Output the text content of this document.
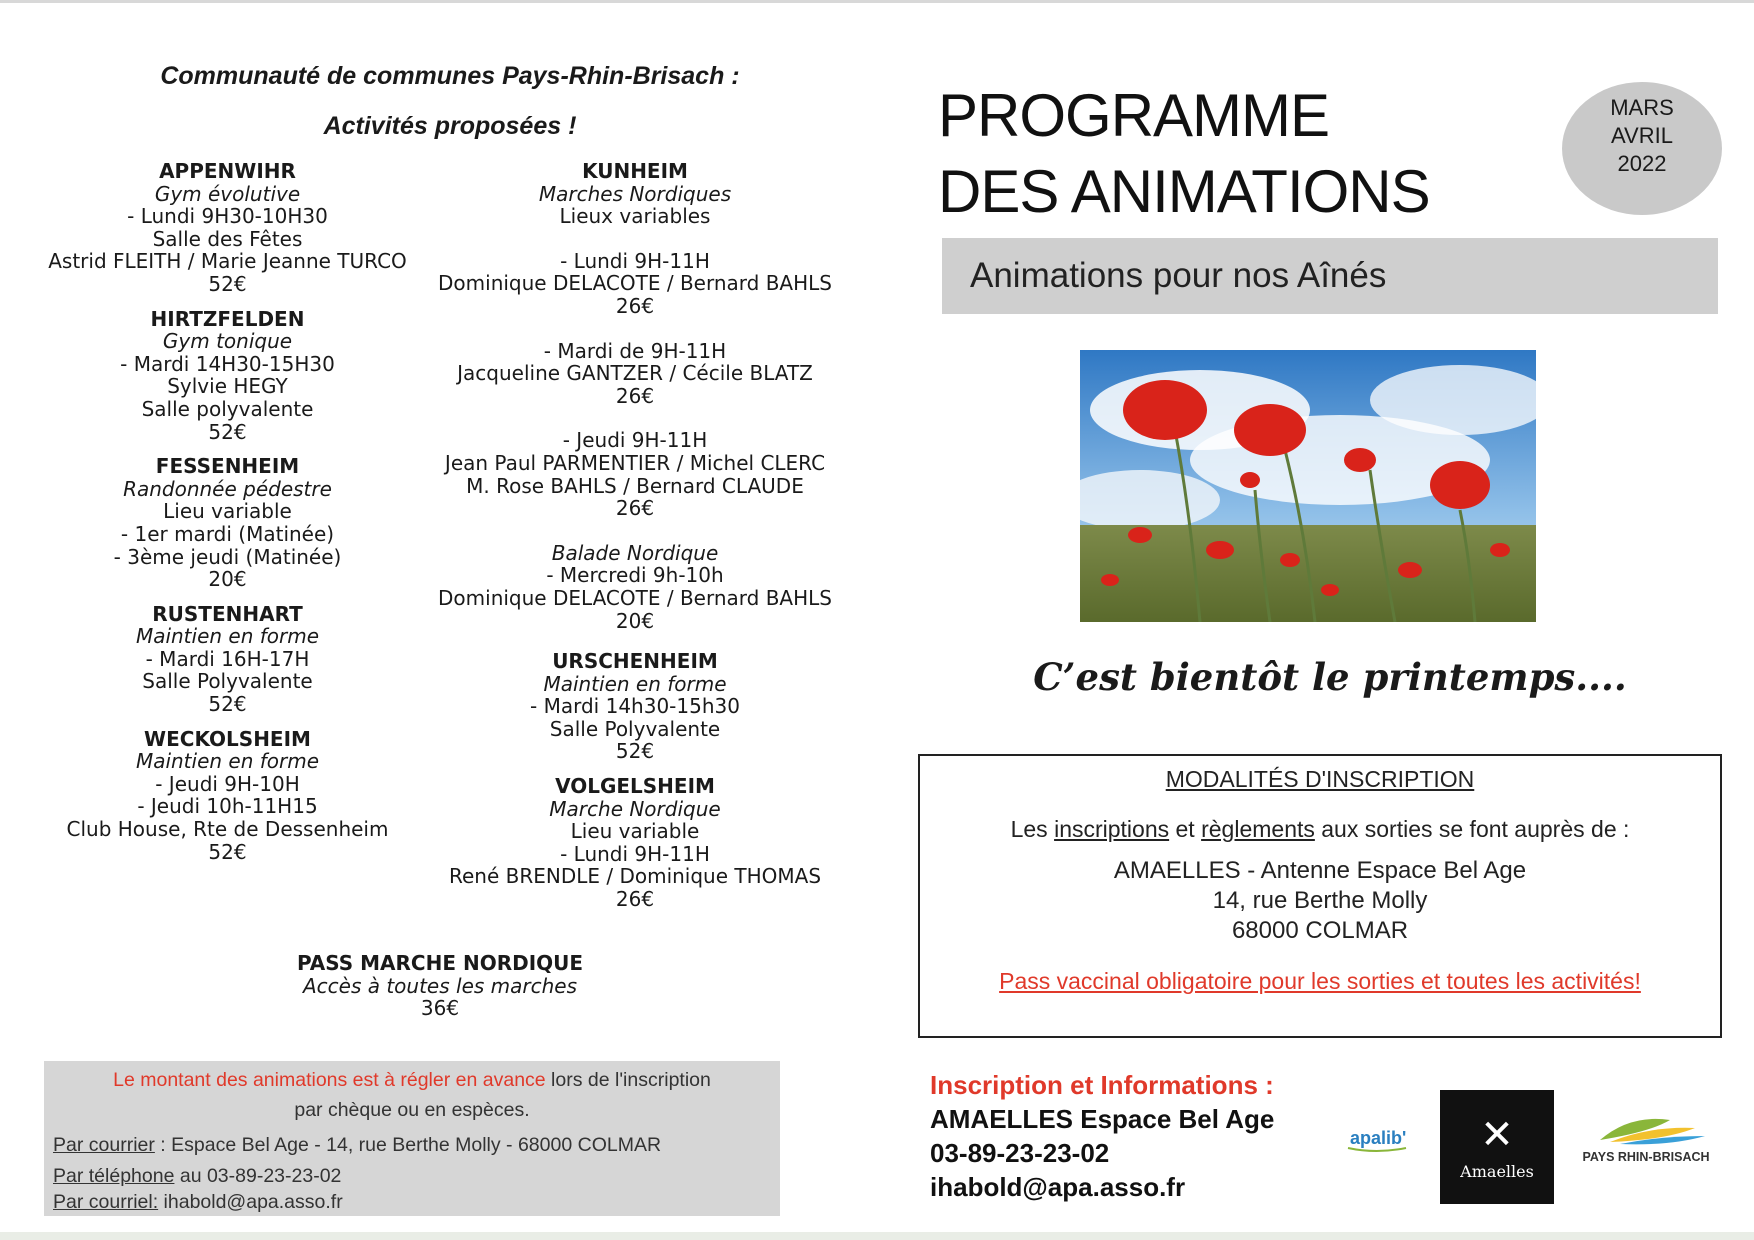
Communauté de communes Pays-Rhin-Brisach :
Activités proposées !
APPENWIHR
Gym évolutive
- Lundi 9H30-10H30
Salle des Fêtes
Astrid FLEITH / Marie Jeanne TURCO
52€
HIRTZFELDEN
Gym tonique
- Mardi 14H30-15H30
Sylvie HEGY
Salle polyvalente
52€
FESSENHEIM
Randonnée pédestre
Lieu variable
- 1er mardi (Matinée)
- 3ème jeudi (Matinée)
20€
RUSTENHART
Maintien en forme
- Mardi 16H-17H
Salle Polyvalente
52€
WECKOLSHEIM
Maintien en forme
- Jeudi 9H-10H
- Jeudi 10h-11H15
Club House, Rte de Dessenheim
52€
KUNHEIM
Marches Nordiques
Lieux variables
- Lundi 9H-11H
Dominique DELACOTE / Bernard BAHLS
26€
- Mardi de 9H-11H
Jacqueline GANTZER / Cécile BLATZ
26€
- Jeudi 9H-11H
Jean Paul PARMENTIER / Michel CLERC
M. Rose BAHLS / Bernard CLAUDE
26€
Balade Nordique
- Mercredi 9h-10h
Dominique DELACOTE / Bernard BAHLS
20€
URSCHENHEIM
Maintien en forme
- Mardi 14h30-15h30
Salle Polyvalente
52€
VOLGELSHEIM
Marche Nordique
Lieu variable
- Lundi 9H-11H
René BRENDLE / Dominique THOMAS
26€
PASS MARCHE NORDIQUE
Accès à toutes les marches
36€
Le montant des animations est à régler en avance lors de l'inscription
par chèque ou en espèces.
Par courrier : Espace Bel Age - 14, rue Berthe Molly - 68000 COLMAR
Par téléphone au 03-89-23-23-02
Par courriel: ihabold@apa.asso.fr
PROGRAMME
DES ANIMATIONS
MARS
AVRIL
2022
Animations pour nos Aînés
C’est bientôt le printemps....
MODALITÉS D'INSCRIPTION
Les inscriptions et règlements aux sorties se font auprès de :
AMAELLES - Antenne Espace Bel Age
14, rue Berthe Molly
68000 COLMAR
Pass vaccinal obligatoire pour les sorties et toutes les activités!
Inscription et Informations :
AMAELLES Espace Bel Age
03-89-23-23-02
ihabold@apa.asso.fr
apalib'	✕
Amaelles
PAYS RHIN-BRISACH
